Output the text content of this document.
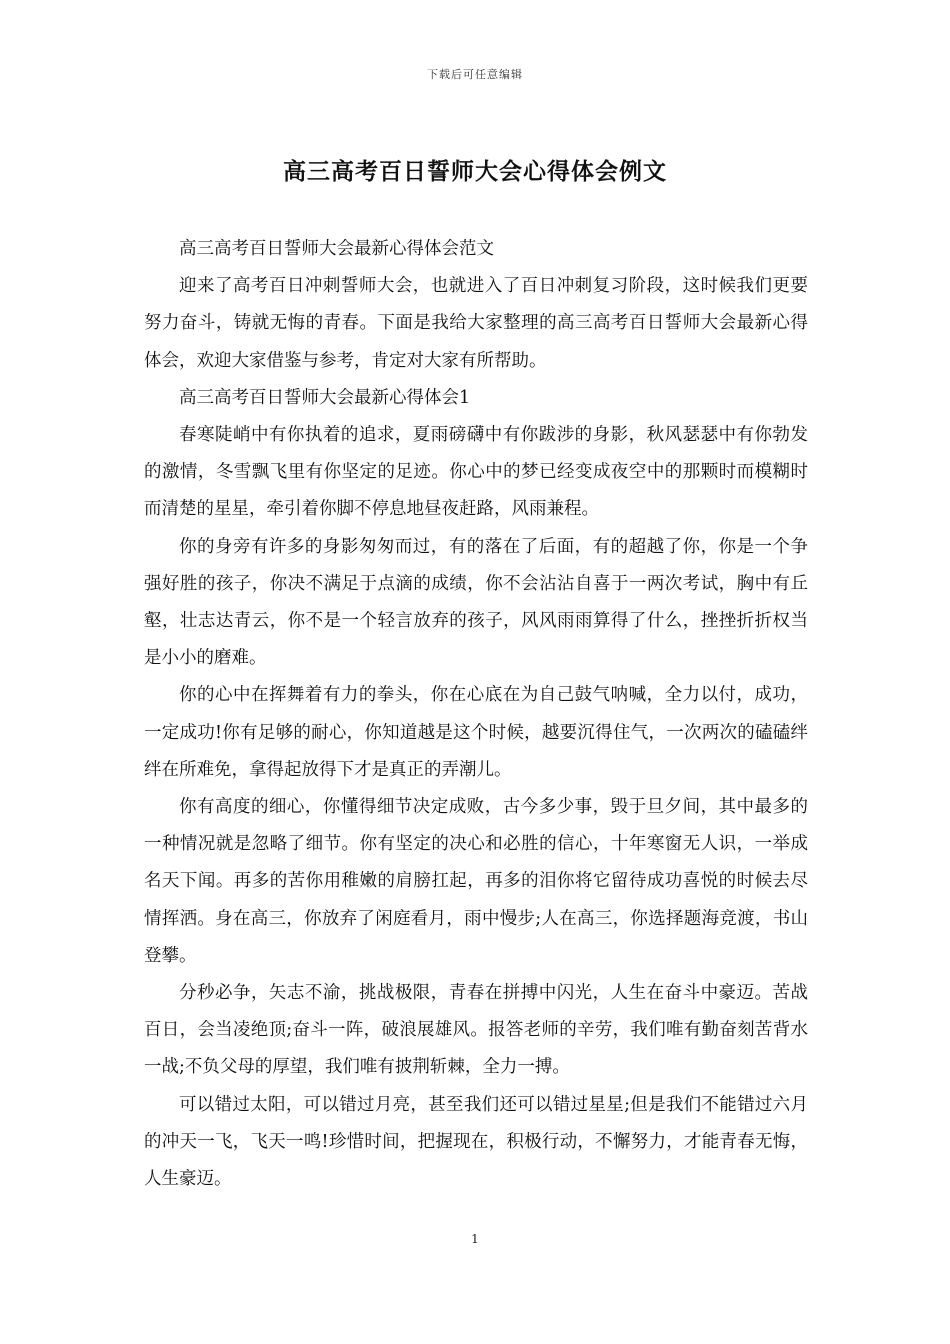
下载后可任意编辑
高三高考百日誓师大会心得体会例文

高三高考百日誓师大会最新心得体会范文

迎来了高考百日冲刺誓师大会，也就进入了百日冲刺复习阶段，这时候我们更要努力奋斗，铸就无悔的青春。下面是我给大家整理的高三高考百日誓师大会最新心得体会，欢迎大家借鉴与参考，肯定对大家有所帮助。

高三高考百日誓师大会最新心得体会1

春寒陡峭中有你执着的追求，夏雨磅礴中有你跋涉的身影，秋风瑟瑟中有你勃发的激情，冬雪飘飞里有你坚定的足迹。你心中的梦已经变成夜空中的那颗时而模糊时而清楚的星星，牵引着你脚不停息地昼夜赶路，风雨兼程。

你的身旁有许多的身影匆匆而过，有的落在了后面，有的超越了你，你是一个争强好胜的孩子，你决不满足于点滴的成绩，你不会沾沾自喜于一两次考试，胸中有丘壑，壮志达青云，你不是一个轻言放弃的孩子，风风雨雨算得了什么，挫挫折折权当是小小的磨难。

你的心中在挥舞着有力的拳头，你在心底在为自己鼓气呐喊，全力以付，成功，一定成功!你有足够的耐心，你知道越是这个时候，越要沉得住气，一次两次的磕磕绊绊在所难免，拿得起放得下才是真正的弄潮儿。

你有高度的细心，你懂得细节决定成败，古今多少事，毁于旦夕间，其中最多的一种情况就是忽略了细节。你有坚定的决心和必胜的信心，十年寒窗无人识，一举成名天下闻。再多的苦你用稚嫩的肩膀扛起，再多的泪你将它留待成功喜悦的时候去尽情挥洒。身在高三，你放弃了闲庭看月，雨中慢步;人在高三，你选择题海竞渡，书山登攀。

分秒必争，矢志不渝，挑战极限，青春在拼搏中闪光，人生在奋斗中豪迈。苦战百日，会当凌绝顶;奋斗一阵，破浪展雄风。报答老师的辛劳，我们唯有勤奋刻苦背水一战;不负父母的厚望，我们唯有披荆斩棘，全力一搏。

可以错过太阳，可以错过月亮，甚至我们还可以错过星星;但是我们不能错过六月的冲天一飞，飞天一鸣!珍惜时间，把握现在，积极行动，不懈努力，才能青春无悔，人生豪迈。

1
